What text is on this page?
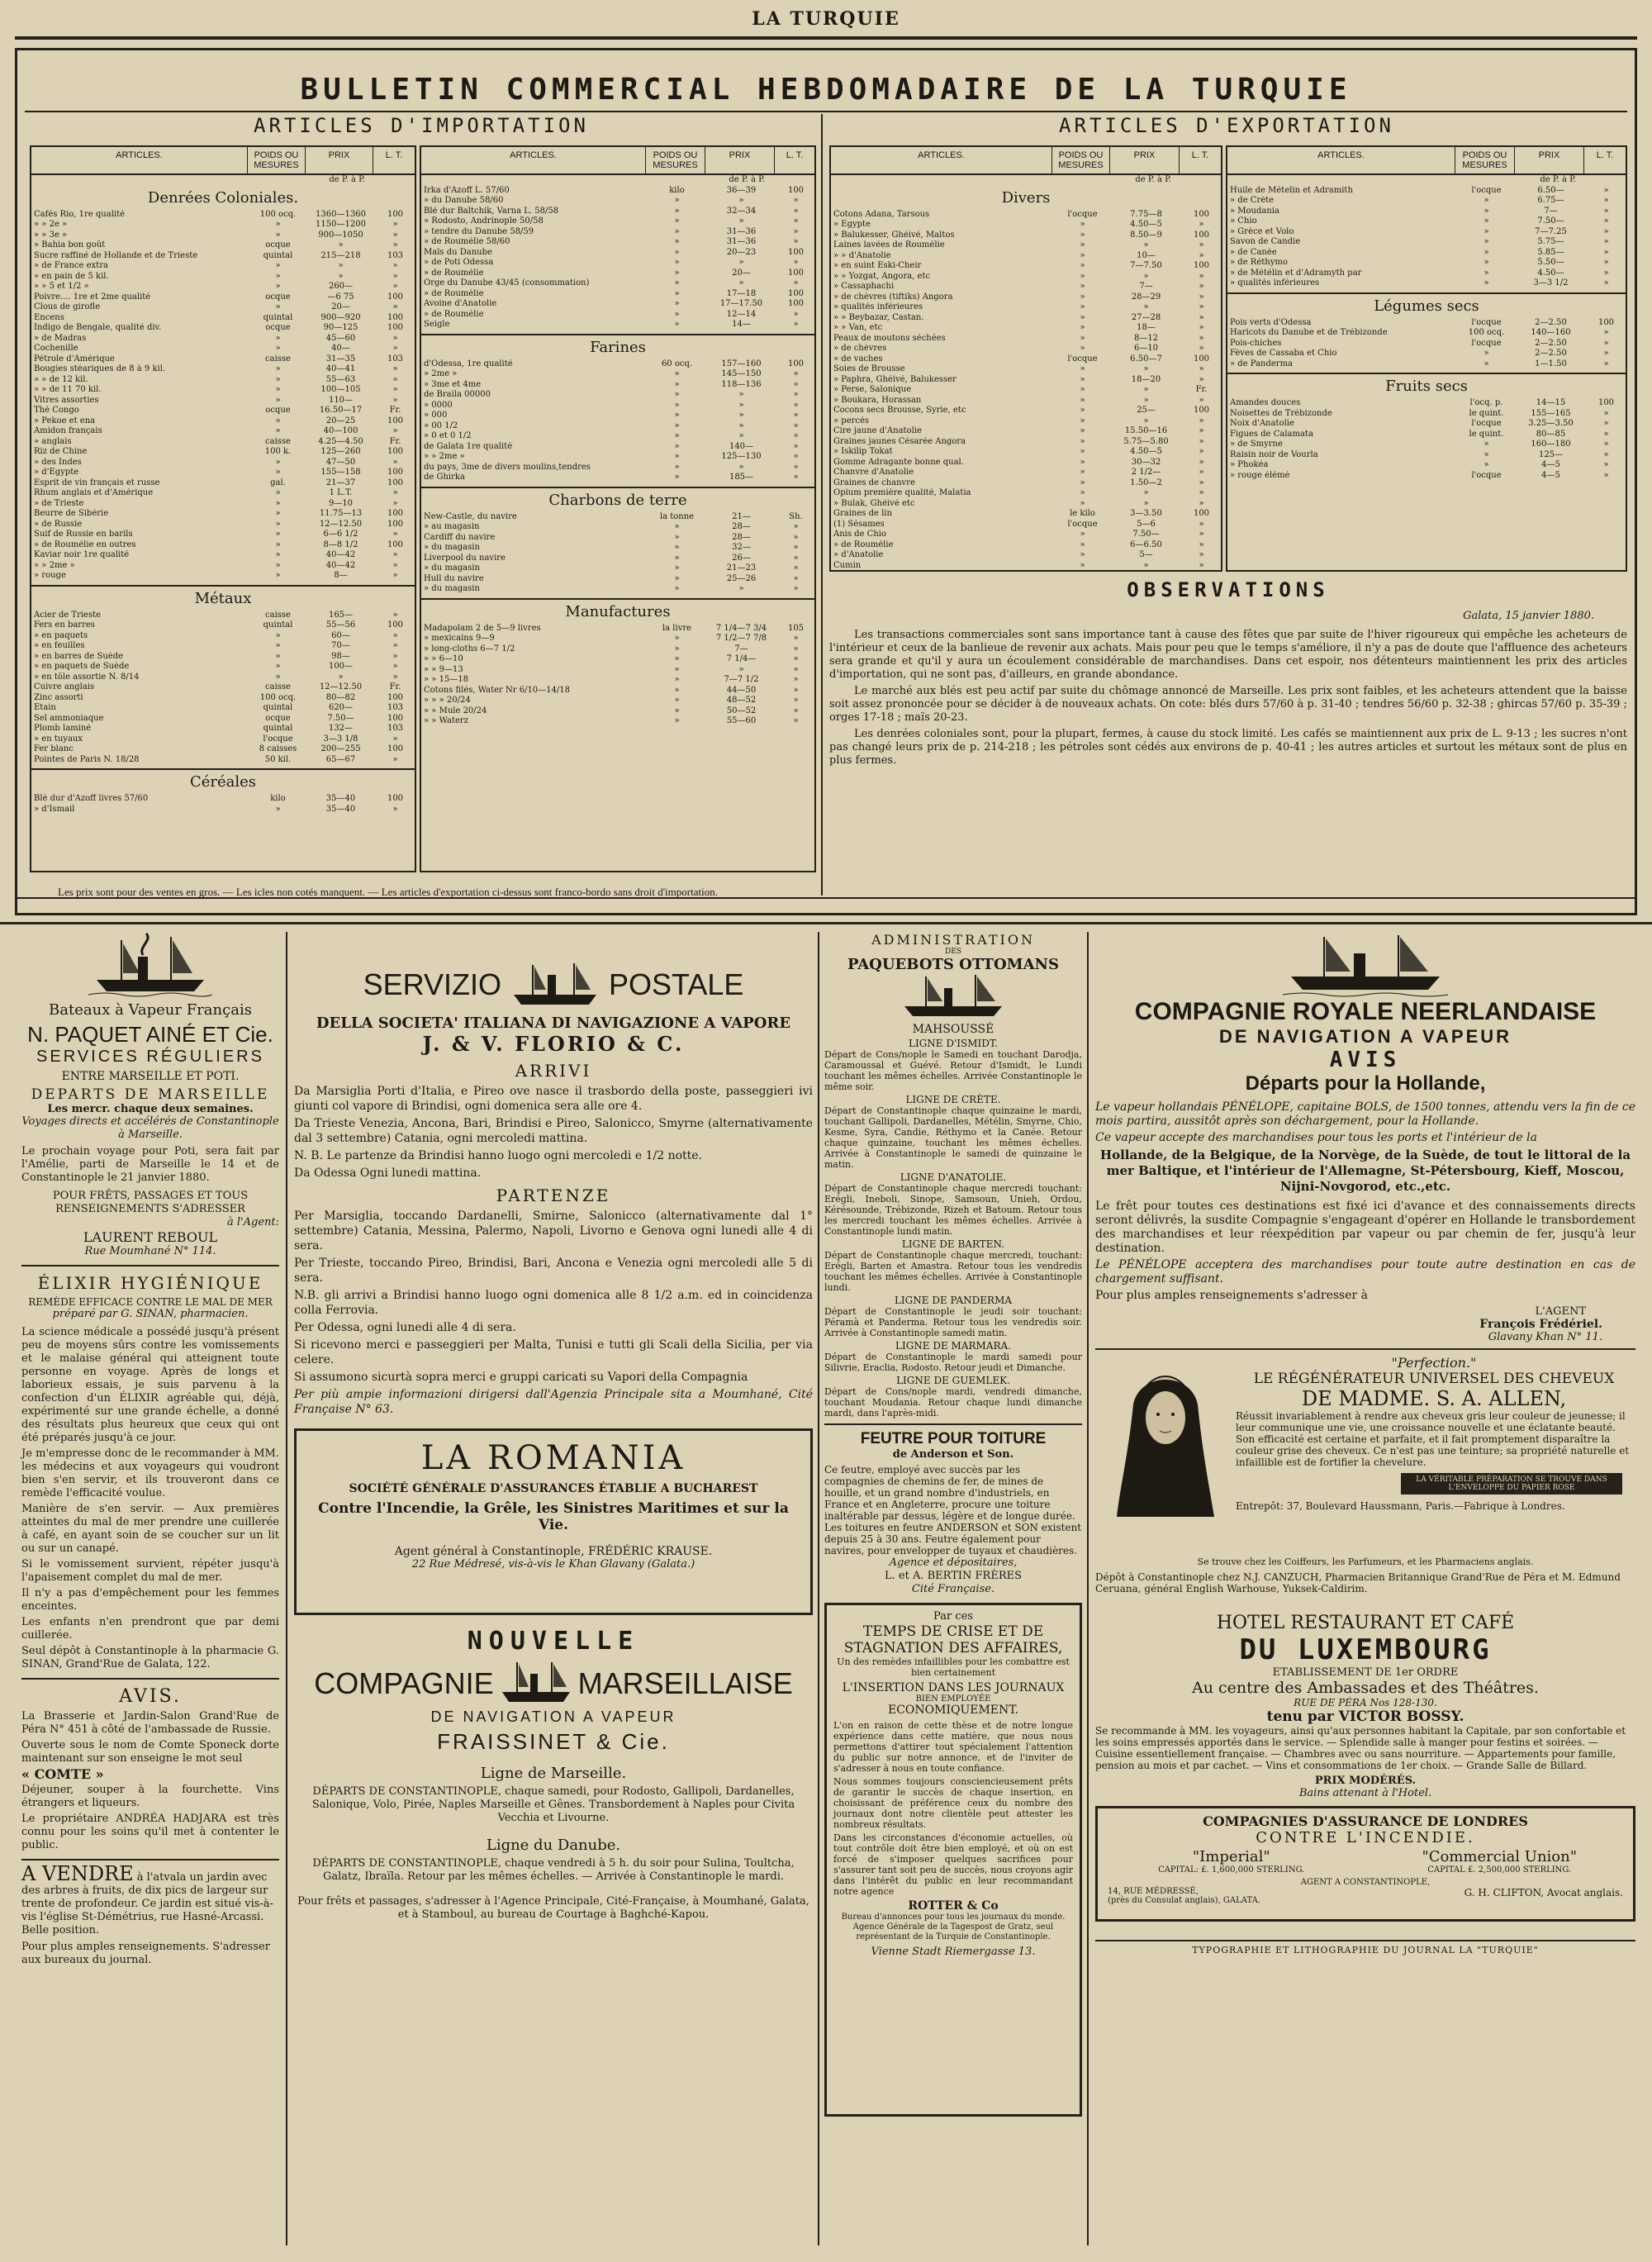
LA TURQUIE
BULLETIN COMMERCIAL HEBDOMADAIRE DE LA TURQUIE
ARTICLES D'IMPORTATION	ARTICLES D'EXPORTATION
ARTICLES.	POIDS OU MESURES
PRIX	L. T.
de P. à P.
Denrées Coloniales.
Cafés Rio, 1re qualité	100 ocq.	1360—1360	100
» » 2e »	»	1150—1200	»
» » 3e »	»	900—1050	»
» Bahia bon goût	ocque	»	»
Sucre raffiné de Hollande et de Trieste	quintal	215—218	103
» de France extra	»	»	»
» en pain de 5 kil.	»	»	»
» » 5 et 1/2 »	»	260—	»
Poivre.... 1re et 2me qualité	ocque	—6 75	100
Clous de girofle	»	20—	»
Encens	quintal	900—920	100
Indigo de Bengale, qualité div.	ocque	90—125	100
» de Madras	»	45—60	»
Cochenille	»	40—	»
Pétrole d'Amérique	caisse	31—35	103
Bougies stéariques de 8 à 9 kil.	»	40—41	»
» » de 12 kil.	»	55—63	»
» » de 11 70 kil.	»	100—105	»
Vitres assorties	»	110—	»
Thé Congo	ocque	16.50—17	Fr.
» Pekoe et ena	»	20—25	100
Amidon français	»	40—100	»
» anglais	caisse	4.25—4.50	Fr.
Riz de Chine	100 k.	125—260	100
» des Indes	»	47—50	»
» d'Egypte	»	155—158	100
Esprit de vin français et russe	gal.	21—37	100
Rhum anglais et d'Amérique	»	1 L.T.	»
» de Trieste	»	9—10	»
Beurre de Sibérie	»	11.75—13	100
» de Russie	»	12—12.50	100
Suif de Russie en barils	»	6—6 1/2	»
» de Roumélie en outres	»	8—8 1/2	100
Kaviar noir 1re qualité	»	40—42	»
» » 2me »	»	40—42	»
» rouge	»	8—	»
Métaux
Acier de Trieste	caisse	165—	»
Fers en barres	quintal	55—56	100
» en paquets	»	60—	»
» en feuilles	»	70—	»
» en barres de Suède	»	98—	»
» en paquets de Suède	»	100—	»
» en tôle assortie N. 8/14	»	»	»
Cuivre anglais	caisse	12—12.50	Fr.
Zinc assorti	100 ocq.	80—82	100
Étain	quintal	620—	103
Sel ammoniaque	ocque	7.50—	100
Plomb laminé	quintal	132—	103
» en tuyaux	l'ocque	3—3 1/8	»
Fer blanc	8 caisses	200—255	100
Pointes de Paris N. 18/28	50 kil.	65—67	»
Céréales
Blé dur d'Azoff livres 57/60	kilo	35—40	100
» d'Ismail	»	35—40	»
ARTICLES.	POIDS OU MESURES
PRIX	L. T.
de P. à P.
Irka d'Azoff L. 57/60	kilo	36—39	100
» du Danube 58/60	»	»	»
Blé dur Baltchik, Varna L. 58/58	»	32—34	»
» Rodosto, Andrinople 50/58	»	»	»
» tendre du Danube 58/59	»	31—36	»
» de Roumélie 58/60	»	31—36	»
Maïs du Danube	»	20—23	100
» de Poti Odessa	»	»	»
» de Roumélie	»	20—	100
Orge du Danube 43/45 (consommation)	»	»	»
» de Roumélie	»	17—18	100
Avoine d'Anatolie	»	17—17.50	100
» de Roumélie	»	12—14	»
Seigle	»	14—	»
Farines
d'Odessa, 1re qualité	60 ocq.	157—160	100
» 2me »	»	145—150	»
» 3me et 4me	»	118—136	»
de Braila 00000	»	»	»
» 0000	»	»	»
» 000	»	»	»
» 00 1/2	»	»	»
» 0 et 0 1/2	»	»	»
de Galata 1re qualité	»	140—	»
» » 2me »	»	125—130	»
du pays, 3me de divers moulins,tendres	»	»	»
de Ghirka	»	185—	»
Charbons de terre
New-Castle, du navire	la tonne	21—	Sh.
» au magasin	»	28—	»
Cardiff du navire	»	28—	»
» du magasin	»	32—	»
Liverpool du navire	»	26—	»
» du magasin	»	21—23	»
Hull du navire	»	25—26	»
» du magasin	»	»	»
Manufactures
Madapolam 2 de 5—9 livres	la livre	7 1/4—7 3/4	105
» mexicains 9—9	»	7 1/2—7 7/8	»
» long-cloths 6—7 1/2	»	7—	»
» » 6—10	»	7 1/4—	»
» » 9—13	»	»	»
» » 15—18	»	7—7 1/2	»
Cotons filés, Water Nr 6/10—14/18	»	44—50	»
» » » 20/24	»	48—52	»
» » Mule 20/24	»	50—52	»
» » Waterz	»	55—60	»
ARTICLES.	POIDS OU MESURES
PRIX	L. T.
de P. à P.
Divers
Cotons Adana, Tarsous	l'ocque	7.75—8	100
» Egypte	»	4.50—5	»
» Balukesser, Ghéivé, Maltos	»	8.50—9	100
Laines lavées de Roumélie	»	»	»
» » d'Anatolie	»	10—	»
» en suint Eski-Cheir	»	7—7.50	100
» » Yozgat, Angora, etc	»	»	»
» Cassaphachi	»	7—	»
» de chèvres (tiftiks) Angora	»	28—29	»
» qualités inférieures	»	»	»
» » Beybazar, Castan.	»	27—28	»
» » Van, etc	»	18—	»
Peaux de moutons séchées	»	8—12	»
» de chèvres	»	6—10	»
» de vaches	l'ocque	6.50—7	100
Soies de Brousse	»	»	»
» Paphra, Ghéivé, Balukesser	»	18—20	»
» Perse, Salonique	»	»	Fr.
» Boukara, Horassan	»	»	»
Cocons secs Brousse, Syrie, etc	»	25—	100
» percés	»	»	»
Cire jaune d'Anatolie	»	15.50—16	»
Graines jaunes Césarée Angora	»	5.75—5.80	»
» Iskilip Tokat	»	4.50—5	»
Gomme Adragante bonne qual.	»	30—32	»
Chanvre d'Anatolie	»	2 1/2—	»
Graines de chanvre	»	1.50—2	»
Opium première qualité, Malatia	»	»	»
» Bulak, Ghéivé etc	»	»	»
Graines de lin	le kilo	3—3.50	100
(1) Sésames	l'ocque	5—6	»
Anis de Chio	»	7.50—	»
» de Roumélie	»	6—6.50	»
» d'Anatolie	»	5—	»
Cumin	»	»	»
ARTICLES.	POIDS OU MESURES
PRIX	L. T.
de P. à P.
Huile de Mételin et Adramith	l'ocque	6.50—	»
» de Crète	»	6.75—	»
» Moudania	»	7—	»
» Chio	»	7.50—	»
» Grèce et Volo	»	7—7.25	»
Savon de Candie	»	5.75—	»
» de Canée	»	5.85—	»
» de Réthymo	»	5.50—	»
» de Métélin et d'Adramyth par	»	4.50—	»
» qualités inférieures	»	3—3 1/2	»
Légumes secs
Pois verts d'Odessa	l'ocque	2—2.50	100
Haricots du Danube et de Trébizonde	100 ocq.	140—160	»
Pois-chiches	l'ocque	2—2.50	»
Fèves de Cassaba et Chio	»	2—2.50	»
» de Panderma	»	1—1.50	»
Fruits secs
Amandes douces	l'ocq. p.	14—15	100
Noisettes de Trébizonde	le quint.	155—165	»
Noix d'Anatolie	l'ocque	3.25—3.50	»
Figues de Calamata	le quint.	80—85	»
» de Smyrne	»	160—180	»
Raisin noir de Vourla	»	125—	»
» Phokéa	»	4—5	»
» rouge élémé	l'ocque	4—5	»
OBSERVATIONS
Galata, 15 janvier 1880.

Les transactions commerciales sont sans importance tant à cause des fêtes que par suite de l'hiver rigoureux qui empêche les acheteurs de l'intérieur et ceux de la banlieue de revenir aux achats. Mais pour peu que le temps s'améliore, il n'y a pas de doute que l'affluence des acheteurs sera grande et qu'il y aura un écoulement considérable de marchandises. Dans cet espoir, nos détenteurs maintiennent les prix des articles d'importation, qui ne sont pas, d'ailleurs, en grande abondance.

Le marché aux blés est peu actif par suite du chômage annoncé de Marseille. Les prix sont faibles, et les acheteurs attendent que la baisse soit assez prononcée pour se décider à de nouveaux achats. On cote: blés durs 57/60 à p. 31-40 ; tendres 56/60 p. 32-38 ; ghircas 57/60 p. 35-39 ; orges 17-18 ; maïs 20-23.

Les denrées coloniales sont, pour la plupart, fermes, à cause du stock limité. Les cafés se maintiennent aux prix de L. 9-13 ; les sucres n'ont pas changé leurs prix de p. 214-218 ; les pétroles sont cédés aux environs de p. 40-41 ; les autres articles et surtout les métaux sont de plus en plus fermes.

Les prix sont pour des ventes en gros. — Les icles non cotés manquent. — Les articles d'exportation ci-dessus sont franco-bordo sans droit d'importation.
Bateaux à Vapeur Français
N. PAQUET AINÉ ET Cie.
SERVICES RÉGULIERS
ENTRE MARSEILLE ET POTI.
DEPARTS DE MARSEILLE
Les mercr. chaque deux semaines.
Voyages directs et accélérés de Constantinople à Marseille.
Le prochain voyage pour Poti, sera fait par l'Amélie, parti de Marseille le 14 et de Constantinople le 21 janvier 1880.
POUR FRÊTS, PASSAGES ET TOUS RENSEIGNEMENTS S'ADRESSER
à l'Agent:
LAURENT REBOUL
Rue Moumhané N° 114.
ÉLIXIR HYGIÉNIQUE
REMÈDE EFFICACE CONTRE LE MAL DE MER
préparé par G. SINAN, pharmacien.

La science médicale a possédé jusqu'à présent peu de moyens sûrs contre les vomissements et le malaise général qui atteignent toute personne en voyage. Après de longs et laborieux essais, je suis parvenu à la confection d'un ÉLIXIR agréable qui, déjà, expérimenté sur une grande échelle, a donné des résultats plus heureux que ceux qui ont été préparés jusqu'à ce jour.

Je m'empresse donc de le recommander à MM. les médecins et aux voyageurs qui voudront bien s'en servir, et ils trouveront dans ce remède l'efficacité voulue.

Manière de s'en servir. — Aux premières atteintes du mal de mer prendre une cuillerée à café, en ayant soin de se coucher sur un lit ou sur un canapé.

Si le vomissement survient, répéter jusqu'à l'apaisement complet du mal de mer.

Il n'y a pas d'empêchement pour les femmes enceintes.

Les enfants n'en prendront que par demi cuillerée.

Seul dépôt à Constantinople à la pharmacie G. SINAN, Grand'Rue de Galata, 122.

AVIS.

La Brasserie et Jardin-Salon Grand'Rue de Péra N° 451 à côté de l'ambassade de Russie.

Ouverte sous le nom de Comte Sponeck dorte maintenant sur son enseigne le mot seul

« COMTE »

Déjeuner, souper à la fourchette. Vins étrangers et liqueurs.

Le propriétaire ANDRÉA HADJARA est très connu pour les soins qu'il met à contenter le public.

A VENDRE à l'atvala un jardin avec des arbres à fruits, de dix pics de largeur sur trente de profondeur. Ce jardin est situé vis-à-vis l'église St-Démétrius, rue Hasné-Arcassi. Belle position.
Pour plus amples renseignements. S'adresser aux bureaux du journal.
SERVIZIO	POSTALE
DELLA SOCIETA' ITALIANA DI NAVIGAZIONE A VAPORE
J. & V. FLORIO & C.
ARRIVI

Da Marsiglia Porti d'Italia, e Pireo ove nasce il trasbordo della poste, passeggieri ivi giunti col vapore di Brindisi, ogni domenica sera alle ore 4.

Da Trieste Venezia, Ancona, Bari, Brindisi e Pireo, Salonicco, Smyrne (alternativamente dal 3 settembre) Catania, ogni mercoledi mattina.

N. B. Le partenze da Brindisi hanno luogo ogni mercoledi e 1/2 notte.

Da Odessa Ogni lunedi mattina.

PARTENZE

Per Marsiglia, toccando Dardanelli, Smirne, Salonicco (alternativamente dal 1° settembre) Catania, Messina, Palermo, Napoli, Livorno e Genova ogni lunedi alle 4 di sera.

Per Trieste, toccando Pireo, Brindisi, Bari, Ancona e Venezia ogni mercoledi alle 5 di sera.

N.B. gli arrivi a Brindisi hanno luogo ogni domenica alle 8 1/2 a.m. ed in coincidenza colla Ferrovia.

Per Odessa, ogni lunedi alle 4 di sera.

Si ricevono merci e passeggieri per Malta, Tunisi e tutti gli Scali della Sicilia, per via celere.

Si assumono sicurtà sopra merci e gruppi caricati su Vapori della Compagnia

Per più ampie informazioni dirigersi dall'Agenzia Principale sita a Moumhané, Cité Française N° 63.

LA ROMANIA
SOCIÉTÉ GÉNÉRALE D'ASSURANCES ÉTABLIE A BUCHAREST
Contre l'Incendie, la Grêle, les Sinistres Maritimes et sur la Vie.
Agent général à Constantinople, FRÉDÉRIC KRAUSE.
22 Rue Médresé, vis-à-vis le Khan Glavany (Galata.)
NOUVELLE
COMPAGNIE	MARSEILLAISE
DE NAVIGATION A VAPEUR
FRAISSINET & Cie.
Ligne de Marseille.
DÉPARTS DE CONSTANTINOPLE, chaque samedi, pour Rodosto, Gallipoli, Dardanelles, Salonique, Volo, Pirée, Naples Marseille et Gênes. Transbordement à Naples pour Civita Vecchia et Livourne.
Ligne du Danube.
DÉPARTS DE CONSTANTINOPLE, chaque vendredi à 5 h. du soir pour Sulina, Toultcha, Galatz, Ibraïla. Retour par les mêmes échelles. — Arrivée à Constantinople le mardi.
Pour frêts et passages, s'adresser à l'Agence Principale, Cité-Française, à Moumhané, Galata, et à Stamboul, au bureau de Courtage à Baghché-Kapou.
ADMINISTRATION
DES
PAQUEBOTS OTTOMANS
MAHSOUSSÉ
LIGNE D'ISMIDT.
Départ de Cons/nople le Samedi en touchant Darodja, Caramoussal et Guévé. Retour d'Ismidt, le Lundi touchant les mêmes échelles. Arrivée Constantinople le même soir.
LIGNE DE CRÈTE.
Départ de Constantinople chaque quinzaine le mardi, touchant Gallipoli, Dardanelles, Métélin, Smyrne, Chio, Kesme, Syra, Candie, Réthymo et la Canée. Retour chaque quinzaine, touchant les mêmes échelles. Arrivée à Constantinople le samedi de quinzaine le matin.
LIGNE D'ANATOLIE.
Départ de Constantinople chaque mercredi touchant: Erégli, Ineboli, Sinope, Samsoun, Unieh, Ordou, Kérésounde, Trébizonde, Rizeh et Batoum. Retour tous les mercredi touchant les mêmes échelles. Arrivée à Constantinople lundi matin.
LIGNE DE BARTEN.
Départ de Constantinople chaque mercredi, touchant: Erégli, Barten et Amastra. Retour tous les vendredis touchant les mêmes échelles. Arrivée à Constantinople lundi.
LIGNE DE PANDERMA
Départ de Constantinople le jeudi soir touchant: Péramà et Panderma. Retour tous les vendredis soir. Arrivée à Constantinople samedi matin.
LIGNE DE MARMARA.
Départ de Constantinople le mardi samedi pour Silivrie, Eraclia, Rodosto. Retour jeudi et Dimanche.
LIGNE DE GUEMLEK.
Départ de Cons/nople mardi, vendredi dimanche, touchant Moudania. Retour chaque lundi dimanche mardi, dans l'après-midi.
FEUTRE POUR TOITURE
de Anderson et Son.
Ce feutre, employé avec succès par les compagnies de chemins de fer, de mines de houille, et un grand nombre d'industriels, en France et en Angleterre, procure une toiture inaltérable par dessus, légère et de longue durée. Les toitures en feutre ANDERSON et SON existent depuis 25 à 30 ans. Feutre également pour navires, pour envelopper de tuyaux et chaudières.
Agence et dépositaires,
L. et A. BERTIN FRÈRES
Cité Française.
Par ces
TEMPS DE CRISE ET DE STAGNATION DES AFFAIRES,
Un des remèdes infaillibles pour les combattre est bien certainement
L'INSERTION DANS LES JOURNAUX
BIEN EMPLOYÉE
ECONOMIQUEMENT.

L'on en raison de cette thèse et de notre longue expérience dans cette matière, que nous nous permettons d'attirer tout spécialement l'attention du public sur notre annonce, et de l'inviter de s'adresser à nous en toute confiance.

Nous sommes toujours consciencieusement prêts de garantir le succès de chaque insertion, en choisissant de préférence ceux du nombre des journaux dont notre clientèle peut attester les nombreux résultats.

Dans les circonstances d'économie actuelles, où tout contrôle doit être bien employé, et où on est forcé de s'imposer quelques sacrifices pour s'assurer tant soit peu de succès, nous croyons agir dans l'intérêt du public en leur recommandant notre agence

ROTTER & Co
Bureau d'annonces pour tous les journaux du monde. Agence Générale de la Tagespost de Gratz, seul représentant de la Turquie de Constantinople.
Vienne Stadt Riemergasse 13.
COMPAGNIE ROYALE NEERLANDAISE
DE NAVIGATION A VAPEUR
AVIS
Départs pour la Hollande,

Le vapeur hollandais PÉNÉLOPE, capitaine BOLS, de 1500 tonnes, attendu vers la fin de ce mois partira, aussitôt après son déchargement, pour la Hollande.

Ce vapeur accepte des marchandises pour tous les ports et l'intérieur de la

Hollande, de la Belgique, de la Norvège, de la Suède, de tout le littoral de la mer Baltique, et l'intérieur de l'Allemagne, St-Pétersbourg, Kieff, Moscou, Nijni-Novgorod, etc.,etc.

Le frêt pour toutes ces destinations est fixé ici d'avance et des connaissements directs seront délivrés, la susdite Compagnie s'engageant d'opérer en Hollande le transbordement des marchandises et leur réexpédition par vapeur ou par chemin de fer, jusqu'à leur destination.

Le PÉNÉLOPE acceptera des marchandises pour toute autre destination en cas de chargement suffisant.

Pour plus amples renseignements s'adresser à

L'AGENT
François Frédériel.
Glavany Khan N° 11.
"Perfection."
LE RÉGÉNÉRATEUR UNIVERSEL DES CHEVEUX
DE MADME. S. A. ALLEN,
Réussit invariablement à rendre aux cheveux gris leur couleur de jeunesse; il leur communique une vie, une croissance nouvelle et une éclatante beauté. Son efficacité est certaine et parfaite, et il fait promptement disparaître la couleur grise des cheveux. Ce n'est pas une teinture; sa propriété naturelle et infaillible est de fortifier la chevelure.
LA VÉRITABLE PRÉPARATION SE TROUVE DANS L'ENVELOPPE DU PAPIER ROSE
Entrepôt: 37, Boulevard Haussmann, Paris.—Fabrique à Londres.
Se trouve chez les Coiffeurs, les Parfumeurs, et les Pharmaciens anglais.
Dépôt à Constantinople chez N.J. CANZUCH, Pharmacien Britannique Grand'Rue de Péra et M. Edmund Ceruana, général English Warhouse, Yuksek-Caldirim.
HOTEL RESTAURANT ET CAFÉ
DU LUXEMBOURG
ETABLISSEMENT DE 1er ORDRE
Au centre des Ambassades et des Théâtres.
RUE DE PÉRA Nos 128-130.
tenu par VICTOR BOSSY.
Se recommande à MM. les voyageurs, ainsi qu'aux personnes habitant la Capitale, par son confortable et les soins empressés apportés dans le service. — Splendide salle à manger pour festins et soirées. — Cuisine essentiellement française. — Chambres avec ou sans nourriture. — Appartements pour famille, pension au mois et par cachet. — Vins et consommations de 1er choix. — Grande Salle de Billard.
PRIX MODÉRÉS.
Bains attenant à l'Hotel.
COMPAGNIES D'ASSURANCE DE LONDRES
CONTRE L'INCENDIE.
"Imperial"
CAPITAL: £. 1,600,000 STERLING.
"Commercial Union"
CAPITAL £. 2,500,000 STERLING.
AGENT A CONSTANTINOPLE,
14, RUE MÉDRESSÉ,
(près du Consulat anglais), GALATA.
G. H. CLIFTON, Avocat anglais.
TYPOGRAPHIE ET LITHOGRAPHIE DU JOURNAL LA "TURQUIE"
